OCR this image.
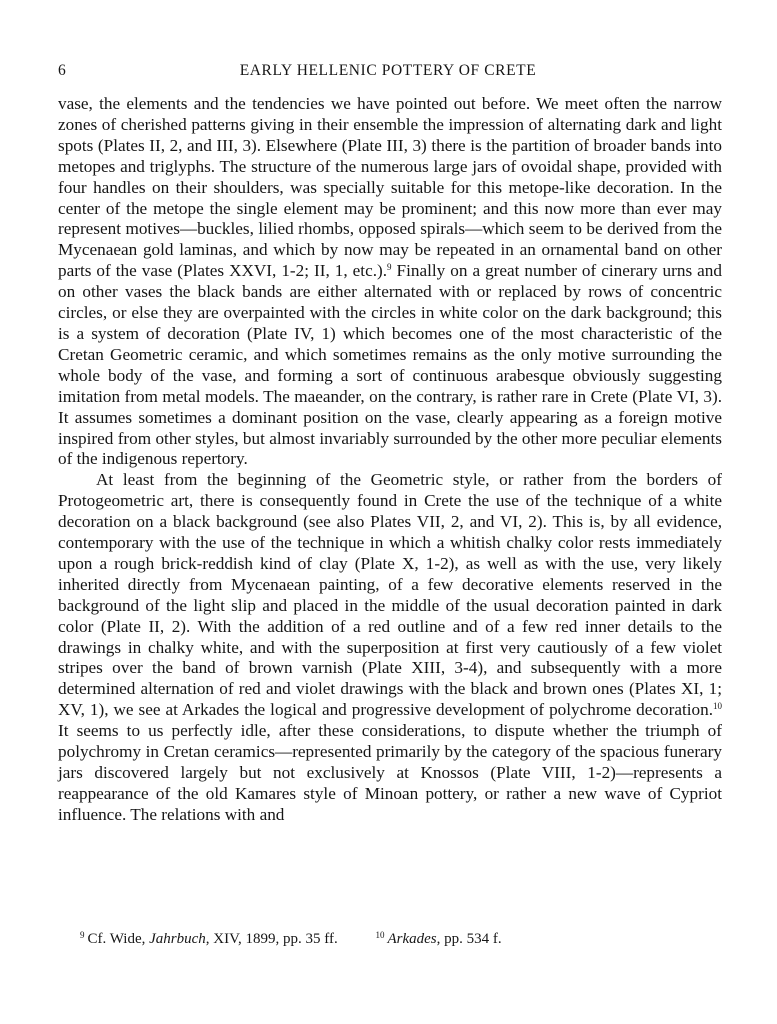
6	EARLY HELLENIC POTTERY OF CRETE

vase, the elements and the tendencies we have pointed out before. We meet often the narrow zones of cherished patterns giving in their ensemble the impression of alternating dark and light spots (Plates II, 2, and III, 3). Elsewhere (Plate III, 3) there is the partition of broader bands into metopes and triglyphs. The structure of the numerous large jars of ovoidal shape, provided with four handles on their shoulders, was specially suitable for this metope-like decoration. In the center of the metope the single element may be prominent; and this now more than ever may represent motives—buckles, lilied rhombs, opposed spirals—which seem to be derived from the Mycenaean gold laminas, and which by now may be repeated in an ornamental band on other parts of the vase (Plates XXVI, 1-2; II, 1, etc.).$^9$ Finally on a great number of cinerary urns and on other vases the black bands are either alternated with or replaced by rows of concentric circles, or else they are overpainted with the circles in white color on the dark background; this is a system of decoration (Plate IV, 1) which becomes one of the most characteristic of the Cretan Geometric ceramic, and which sometimes remains as the only motive surrounding the whole body of the vase, and forming a sort of continuous arabesque obviously suggesting imitation from metal models. The maeander, on the contrary, is rather rare in Crete (Plate VI, 3). It assumes sometimes a dominant position on the vase, clearly appearing as a foreign motive inspired from other styles, but almost invariably surrounded by the other more peculiar elements of the indigenous repertory.

At least from the beginning of the Geometric style, or rather from the borders of Protogeometric art, there is consequently found in Crete the use of the technique of a white decoration on a black background (see also Plates VII, 2, and VI, 2). This is, by all evidence, contemporary with the use of the technique in which a whitish chalky color rests immediately upon a rough brick-reddish kind of clay (Plate X, 1-2), as well as with the use, very likely inherited directly from Mycenaean painting, of a few decorative elements reserved in the background of the light slip and placed in the middle of the usual decoration painted in dark color (Plate II, 2). With the addition of a red outline and of a few red inner details to the drawings in chalky white, and with the superposition at first very cautiously of a few violet stripes over the band of brown varnish (Plate XIII, 3-4), and subsequently with a more determined alternation of red and violet drawings with the black and brown ones (Plates XI, 1; XV, 1), we see at Arkades the logical and progressive development of polychrome decoration.$^{10}$ It seems to us perfectly idle, after these considerations, to dispute whether the triumph of polychromy in Cretan ceramics—represented primarily by the category of the spacious funerary jars discovered largely but not exclusively at Knossos (Plate VIII, 1-2)—represents a reappearance of the old Kamares style of Minoan pottery, or rather a new wave of Cypriot influence. The relations with and

$^9$ Cf. Wide, Jahrbuch, XIV, 1899, pp. 35 ff.	$^{10}$ Arkades, pp. 534 f.
